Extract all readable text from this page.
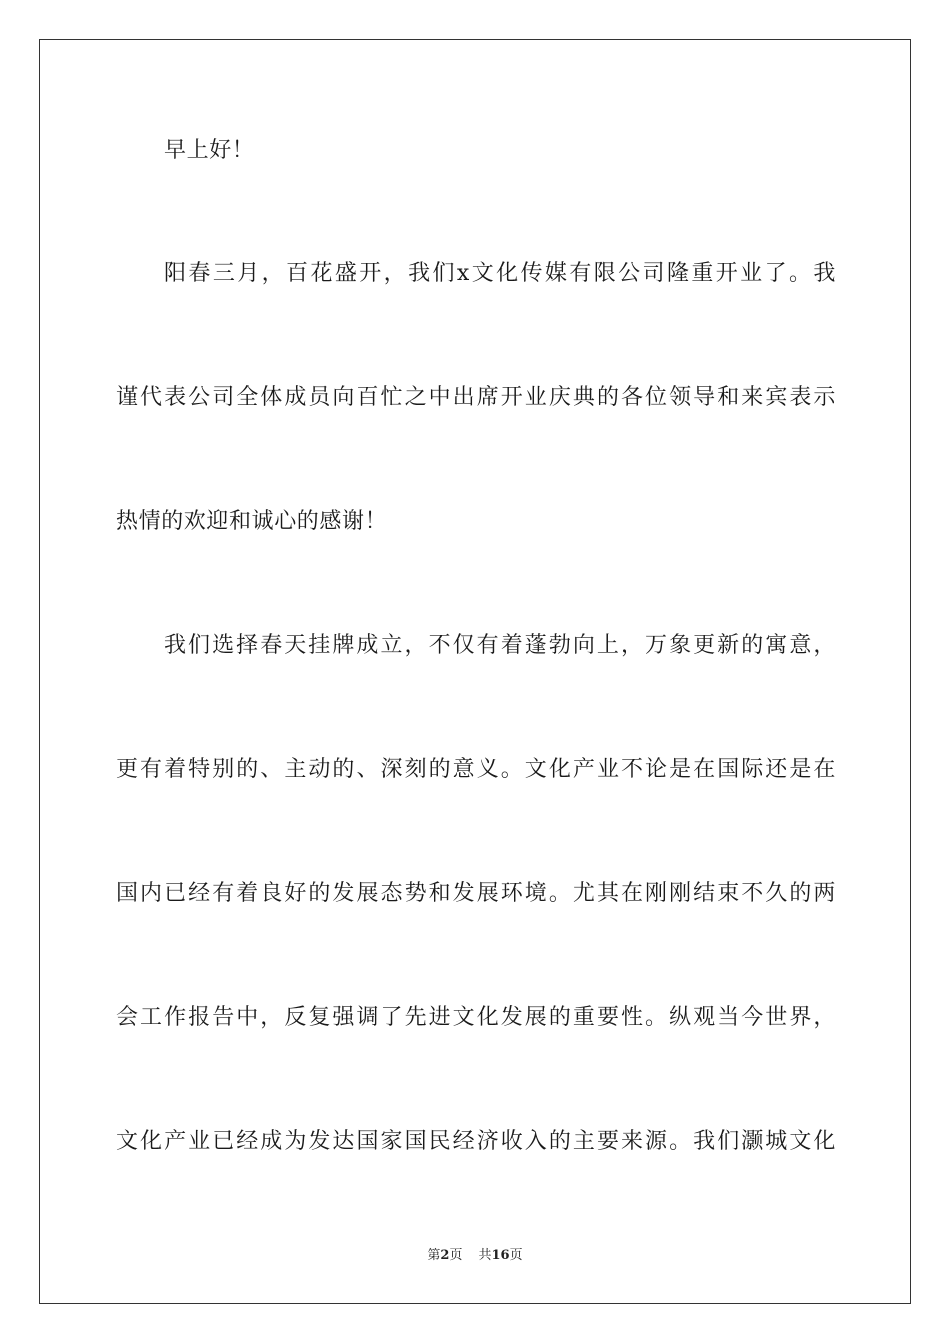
早上好！
阳春三月，百花盛开，我们x文化传媒有限公司隆重开业了。我
谨代表公司全体成员向百忙之中出席开业庆典的各位领导和来宾表示
热情的欢迎和诚心的感谢！
我们选择春天挂牌成立，不仅有着蓬勃向上，万象更新的寓意，
更有着特别的、主动的、深刻的意义。文化产业不论是在国际还是在
国内已经有着良好的发展态势和发展环境。尤其在刚刚结束不久的两
会工作报告中，反复强调了先进文化发展的重要性。纵观当今世界，
文化产业已经成为发达国家国民经济收入的主要来源。我们灏城文化
第2页 共16页
